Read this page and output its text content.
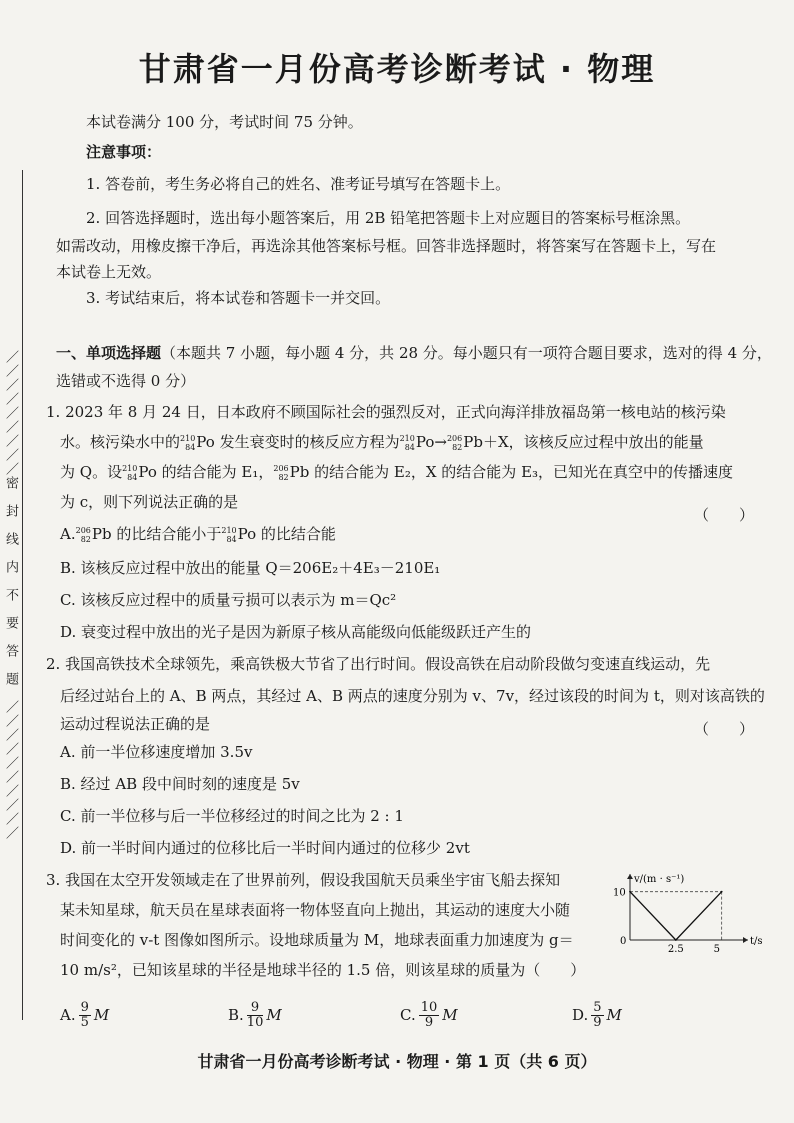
／／／／／／／／／密　封　线　内　不　要　答　题　／／／／／／／／／／
甘肃省一月份高考诊断考试 · 物理
本试卷满分 100 分，考试时间 75 分钟。
注意事项：
1. 答卷前，考生务必将自己的姓名、准考证号填写在答题卡上。
2. 回答选择题时，选出每小题答案后，用 2B 铅笔把答题卡上对应题目的答案标号框涂黑。
如需改动，用橡皮擦干净后，再选涂其他答案标号框。回答非选择题时，将答案写在答题卡上，写在
本试卷上无效。
3. 考试结束后，将本试卷和答题卡一并交回。
一、单项选择题（本题共 7 小题，每小题 4 分，共 28 分。每小题只有一项符合题目要求，选对的得 4 分，
选错或不选得 0 分）
1. 2023 年 8 月 24 日，日本政府不顾国际社会的强烈反对，正式向海洋排放福岛第一核电站的核污染
水。核污染水中的 210
84 Po 发生衰变时的核反应方程为 210
84 Po→ 206
82 Pb＋X，该核反应过程中放出的能量
为 Q。设 210
84 Po 的结合能为 E₁， 206
82 Pb 的结合能为 E₂，X 的结合能为 E₃，已知光在真空中的传播速度
为 c，则下列说法正确的是
（　　）
A. 206
82 Pb 的比结合能小于 210
84 Po 的比结合能
B. 该核反应过程中放出的能量 Q＝206E₂＋4E₃－210E₁
C. 该核反应过程中的质量亏损可以表示为 m＝Qc²
D. 衰变过程中放出的光子是因为新原子核从高能级向低能级跃迁产生的
2. 我国高铁技术全球领先，乘高铁极大节省了出行时间。假设高铁在启动阶段做匀变速直线运动，先
后经过站台上的 A、B 两点，其经过 A、B 两点的速度分别为 v、7v，经过该段的时间为 t，则对该高铁的
运动过程说法正确的是	（　　）
A. 前一半位移速度增加 3.5v
B. 经过 AB 段中间时刻的速度是 5v
C. 前一半位移与后一半位移经过的时间之比为 2 : 1
D. 前一半时间内通过的位移比后一半时间内通过的位移少 2vt
3. 我国在太空开发领域走在了世界前列，假设我国航天员乘坐宇宙飞船去探知
某未知星球，航天员在星球表面将一物体竖直向上抛出，其运动的速度大小随
时间变化的 v-t 图像如图所示。设地球质量为 M，地球表面重力加速度为 g＝
10 m/s²，已知该星球的半径是地球半径的 1.5 倍，则该星球的质量为（　　）
A. $\frac{9}{5}$ M	B. $\frac{9}{10}$ M	C. $\frac{10}{9}$ M	D. $\frac{5}{9}$ M
v/(m · s⁻¹)
t/s
0
10
2.5	5
甘肃省一月份高考诊断考试 · 物理 · 第 1 页（共 6 页）
